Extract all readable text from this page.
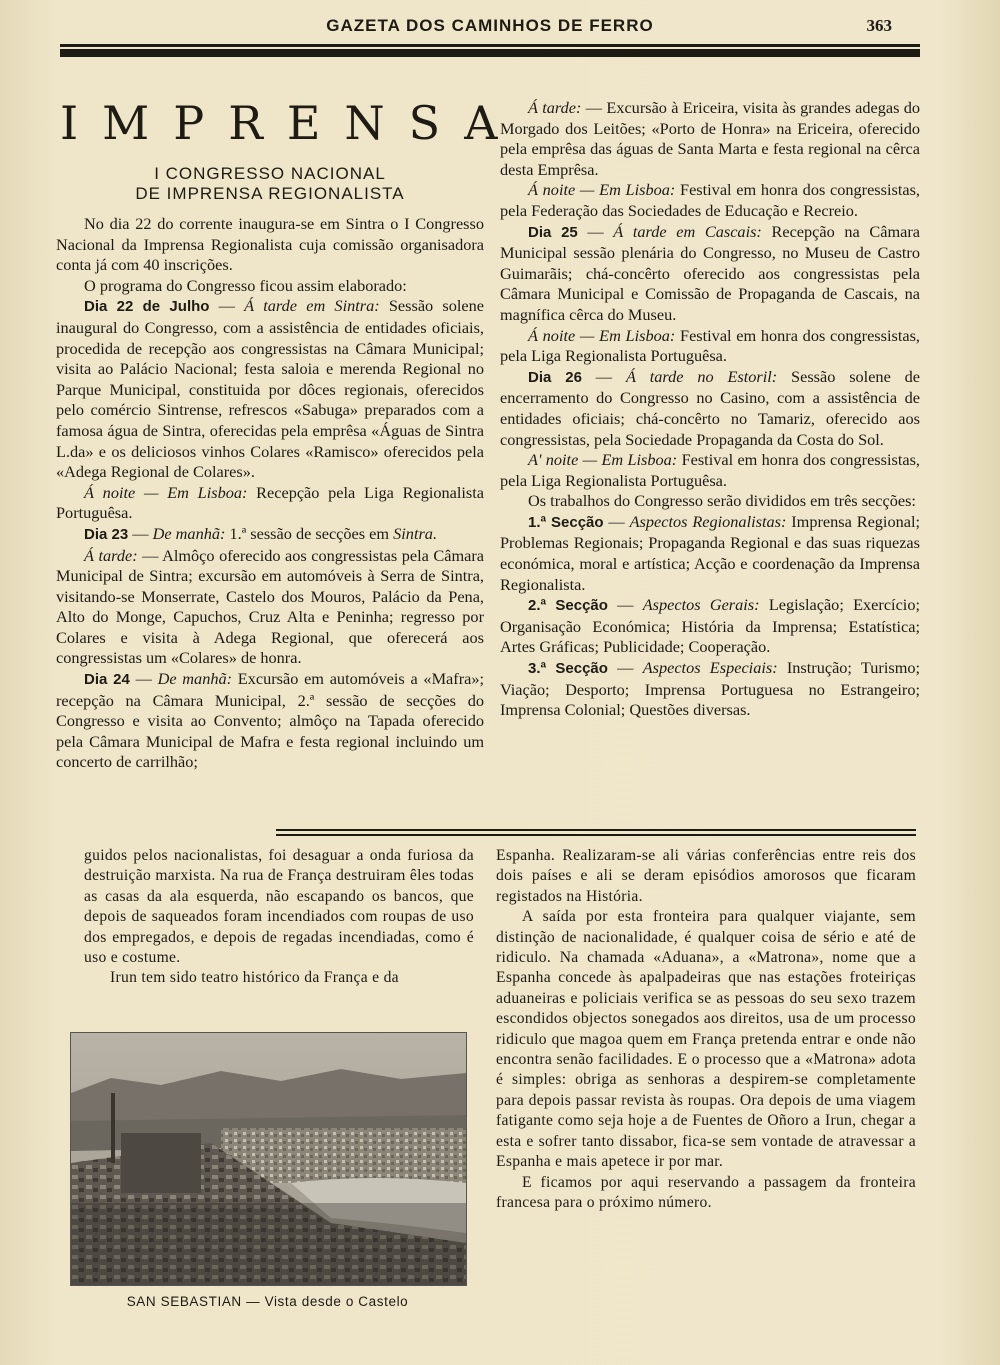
GAZETA DOS CAMINHOS DE FERRO	363
IMPRENSA
I CONGRESSO NACIONAL
DE IMPRENSA REGIONALISTA

No dia 22 do corrente inaugura-se em Sintra o I Congresso Nacional da Imprensa Regionalista cuja comissão organisadora conta já com 40 inscrições.

O programa do Congresso ficou assim elaborado:

Dia 22 de Julho — Á tarde em Sintra: Sessão solene inaugural do Congresso, com a assistência de entidades oficiais, procedida de recepção aos congressistas na Câmara Municipal; visita ao Palácio Nacional; festa saloia e merenda Regional no Parque Municipal, constituida por dôces regionais, oferecidos pelo comércio Sintrense, refrescos «Sabuga» preparados com a famosa água de Sintra, oferecidas pela emprêsa «Águas de Sintra L.da» e os deliciosos vinhos Colares «Ramisco» oferecidos pela «Adega Regional de Colares».

Á noite — Em Lisboa: Recepção pela Liga Regionalista Portuguêsa.

Dia 23 — De manhã: 1.ª sessão de secções em Sintra.

Á tarde: — Almôço oferecido aos congressistas pela Câmara Municipal de Sintra; excursão em automóveis à Serra de Sintra, visitando-se Monserrate, Castelo dos Mouros, Palácio da Pena, Alto do Monge, Capuchos, Cruz Alta e Peninha; regresso por Colares e visita à Adega Regional, que oferecerá aos congressistas um «Colares» de honra.

Dia 24 — De manhã: Excursão em automóveis a «Mafra»; recepção na Câmara Municipal, 2.ª sessão de secções do Congresso e visita ao Convento; almôço na Tapada oferecido pela Câmara Municipal de Mafra e festa regional incluindo um concerto de carrilhão;

Á tarde: — Excursão à Ericeira, visita às grandes adegas do Morgado dos Leitões; «Porto de Honra» na Ericeira, oferecido pela emprêsa das águas de Santa Marta e festa regional na cêrca desta Emprêsa.

Á noite — Em Lisboa: Festival em honra dos congressistas, pela Federação das Sociedades de Educação e Recreio.

Dia 25 — Á tarde em Cascais: Recepção na Câmara Municipal sessão plenária do Congresso, no Museu de Castro Guimarãis; chá-concêrto oferecido aos congressistas pela Câmara Municipal e Comissão de Propaganda de Cascais, na magnífica cêrca do Museu.

Á noite — Em Lisboa: Festival em honra dos congressistas, pela Liga Regionalista Portuguêsa.

Dia 26 — Á tarde no Estoril: Sessão solene de encerramento do Congresso no Casino, com a assistência de entidades oficiais; chá-concêrto no Tamariz, oferecido aos congressistas, pela Sociedade Propaganda da Costa do Sol.

A' noite — Em Lisboa: Festival em honra dos congressistas, pela Liga Regionalista Portuguêsa.

Os trabalhos do Congresso serão divididos em três secções:

1.ª Secção — Aspectos Regionalistas: Imprensa Regional; Problemas Regionais; Propaganda Regional e das suas riquezas económica, moral e artística; Acção e coordenação da Imprensa Regionalista.

2.ª Secção — Aspectos Gerais: Legislação; Exercício; Organisação Económica; História da Imprensa; Estatística; Artes Gráficas; Publicidade; Cooperação.

3.ª Secção — Aspectos Especiais: Instrução; Turismo; Viação; Desporto; Imprensa Portuguesa no Estrangeiro; Imprensa Colonial; Questões diversas.

guidos pelos nacionalistas, foi desaguar a onda furiosa da destruição marxista. Na rua de França destruiram êles todas as casas da ala esquerda, não escapando os bancos, que depois de saqueados foram incendiados com roupas de uso dos empregados, e depois de regadas incendiadas, como é uso e costume.

Irun tem sido teatro histórico da França e da

SAN SEBASTIAN — Vista desde o Castelo

Espanha. Realizaram-se ali várias conferências entre reis dos dois países e ali se deram episódios amorosos que ficaram registados na História.

A saída por esta fronteira para qualquer viajante, sem distinção de nacionalidade, é qualquer coisa de sério e até de ridiculo. Na chamada «Aduana», a «Matrona», nome que a Espanha concede às apalpadeiras que nas estações froteiriças aduaneiras e policiais verifica se as pessoas do seu sexo trazem escondidos objectos sonegados aos direitos, usa de um processo ridiculo que magoa quem em França pretenda entrar e onde não encontra senão facilidades. E o processo que a «Matrona» adota é simples: obriga as senhoras a despirem-se completamente para depois passar revista às roupas. Ora depois de uma viagem fatigante como seja hoje a de Fuentes de Oñoro a Irun, chegar a esta e sofrer tanto dissabor, fica-se sem vontade de atravessar a Espanha e mais apetece ir por mar.

E ficamos por aqui reservando a passagem da fronteira francesa para o próximo número.
